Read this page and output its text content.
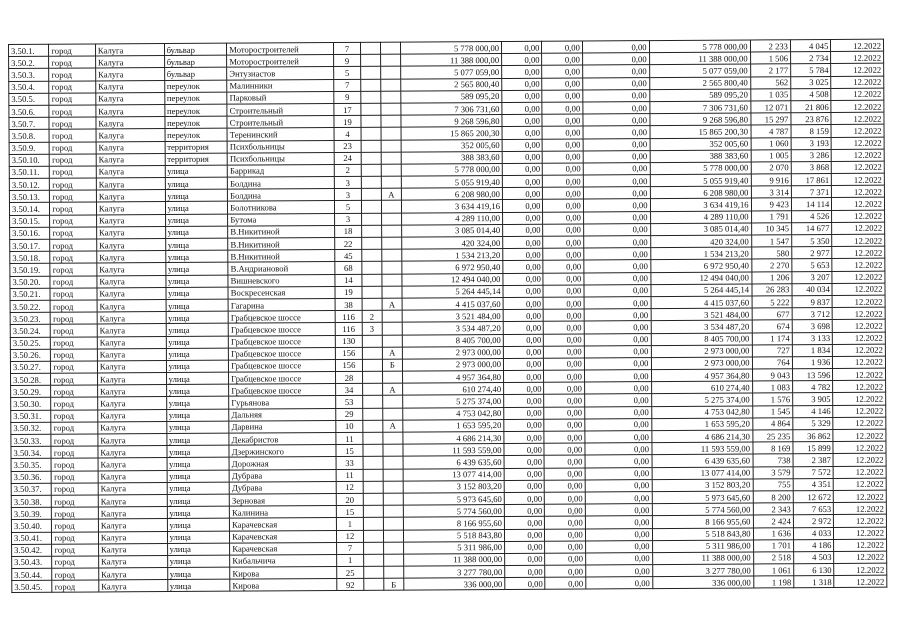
3.50.1.	город	Калуга	бульвар	Моторостроителей	7			5 778 000,00	0,00	0,00	0,00	5 778 000,00	2 233	4 045	12.2022
3.50.2.	город	Калуга	бульвар	Моторостроителей	9			11 388 000,00	0,00	0,00	0,00	11 388 000,00	1 506	2 734	12.2022
3.50.3.	город	Калуга	бульвар	Энтузиастов	5			5 077 059,00	0,00	0,00	0,00	5 077 059,00	2 177	5 784	12.2022
3.50.4.	город	Калуга	переулок	Малинники	7			2 565 800,40	0,00	0,00	0,00	2 565 800,40	562	3 025	12.2022
3.50.5.	город	Калуга	переулок	Парковый	9			589 095,20	0,00	0,00	0,00	589 095,20	1 035	4 508	12.2022
3.50.6.	город	Калуга	переулок	Строительный	17			7 306 731,60	0,00	0,00	0,00	7 306 731,60	12 071	21 806	12.2022
3.50.7.	город	Калуга	переулок	Строительный	19			9 268 596,80	0,00	0,00	0,00	9 268 596,80	15 297	23 876	12.2022
3.50.8.	город	Калуга	переулок	Теренинский	4			15 865 200,30	0,00	0,00	0,00	15 865 200,30	4 787	8 159	12.2022
3.50.9.	город	Калуга	территория	Психбольницы	23			352 005,60	0,00	0,00	0,00	352 005,60	1 060	3 193	12.2022
3.50.10.	город	Калуга	территория	Психбольницы	24			388 383,60	0,00	0,00	0,00	388 383,60	1 005	3 286	12.2022
3.50.11.	город	Калуга	улица	Баррикад	2			5 778 000,00	0,00	0,00	0,00	5 778 000,00	2 070	3 868	12.2022
3.50.12.	город	Калуга	улица	Болдина	3			5 055 919,40	0,00	0,00	0,00	5 055 919,40	9 916	17 861	12.2022
3.50.13.	город	Калуга	улица	Болдина	3		А	6 208 980,00	0,00	0,00	0,00	6 208 980,00	3 314	7 371	12.2022
3.50.14.	город	Калуга	улица	Болотникова	5			3 634 419,16	0,00	0,00	0,00	3 634 419,16	9 423	14 114	12.2022
3.50.15.	город	Калуга	улица	Бутома	3			4 289 110,00	0,00	0,00	0,00	4 289 110,00	1 791	4 526	12.2022
3.50.16.	город	Калуга	улица	В.Никитиной	18			3 085 014,40	0,00	0,00	0,00	3 085 014,40	10 345	14 677	12.2022
3.50.17.	город	Калуга	улица	В.Никитиной	22			420 324,00	0,00	0,00	0,00	420 324,00	1 547	5 350	12.2022
3.50.18.	город	Калуга	улица	В.Никитиной	45			1 534 213,20	0,00	0,00	0,00	1 534 213,20	580	2 977	12.2022
3.50.19.	город	Калуга	улица	В.Андриановой	68			6 972 950,40	0,00	0,00	0,00	6 972 950,40	2 270	5 653	12.2022
3.50.20.	город	Калуга	улица	Вишневского	14			12 494 040,00	0,00	0,00	0,00	12 494 040,00	1 206	3 207	12.2022
3.50.21.	город	Калуга	улица	Воскресенская	19			5 264 445,14	0,00	0,00	0,00	5 264 445,14	26 283	40 034	12.2022
3.50.22.	город	Калуга	улица	Гагарина	38		А	4 415 037,60	0,00	0,00	0,00	4 415 037,60	5 222	9 837	12.2022
3.50.23.	город	Калуга	улица	Грабцевское шоссе	116	2		3 521 484,00	0,00	0,00	0,00	3 521 484,00	677	3 712	12.2022
3.50.24.	город	Калуга	улица	Грабцевское шоссе	116	3		3 534 487,20	0,00	0,00	0,00	3 534 487,20	674	3 698	12.2022
3.50.25.	город	Калуга	улица	Грабцевское шоссе	130			8 405 700,00	0,00	0,00	0,00	8 405 700,00	1 174	3 133	12.2022
3.50.26.	город	Калуга	улица	Грабцевское шоссе	156		А	2 973 000,00	0,00	0,00	0,00	2 973 000,00	727	1 834	12.2022
3.50.27.	город	Калуга	улица	Грабцевское шоссе	156		Б	2 973 000,00	0,00	0,00	0,00	2 973 000,00	764	1 936	12.2022
3.50.28.	город	Калуга	улица	Грабцевское шоссе	28			4 957 364,80	0,00	0,00	0,00	4 957 364,80	9 043	13 596	12.2022
3.50.29.	город	Калуга	улица	Грабцевское шоссе	34		А	610 274,40	0,00	0,00	0,00	610 274,40	1 083	4 782	12.2022
3.50.30.	город	Калуга	улица	Гурьянова	53			5 275 374,00	0,00	0,00	0,00	5 275 374,00	1 576	3 905	12.2022
3.50.31.	город	Калуга	улица	Дальняя	29			4 753 042,80	0,00	0,00	0,00	4 753 042,80	1 545	4 146	12.2022
3.50.32.	город	Калуга	улица	Дарвина	10		А	1 653 595,20	0,00	0,00	0,00	1 653 595,20	4 864	5 329	12.2022
3.50.33.	город	Калуга	улица	Декабристов	11			4 686 214,30	0,00	0,00	0,00	4 686 214,30	25 235	36 862	12.2022
3.50.34.	город	Калуга	улица	Дзержинского	15			11 593 559,00	0,00	0,00	0,00	11 593 559,00	8 169	15 899	12.2022
3.50.35.	город	Калуга	улица	Дорожная	33			6 439 635,60	0,00	0,00	0,00	6 439 635,60	738	2 387	12.2022
3.50.36.	город	Калуга	улица	Дубрава	11			13 077 414,00	0,00	0,00	0,00	13 077 414,00	3 579	7 572	12.2022
3.50.37.	город	Калуга	улица	Дубрава	12			3 152 803,20	0,00	0,00	0,00	3 152 803,20	755	4 351	12.2022
3.50.38.	город	Калуга	улица	Зерновая	20			5 973 645,60	0,00	0,00	0,00	5 973 645,60	8 200	12 672	12.2022
3.50.39.	город	Калуга	улица	Калинина	15			5 774 560,00	0,00	0,00	0,00	5 774 560,00	2 343	7 653	12.2022
3.50.40.	город	Калуга	улица	Карачевская	1			8 166 955,60	0,00	0,00	0,00	8 166 955,60	2 424	2 972	12.2022
3.50.41.	город	Калуга	улица	Карачевская	12			5 518 843,80	0,00	0,00	0,00	5 518 843,80	1 636	4 033	12.2022
3.50.42.	город	Калуга	улица	Карачевская	7			5 311 986,00	0,00	0,00	0,00	5 311 986,00	1 701	4 186	12.2022
3.50.43.	город	Калуга	улица	Кибальчича	1			11 388 000,00	0,00	0,00	0,00	11 388 000,00	2 518	4 503	12.2022
3.50.44.	город	Калуга	улица	Кирова	25			3 277 780,00	0,00	0,00	0,00	3 277 780,00	1 061	6 130	12.2022
3.50.45.	город	Калуга	улица	Кирова	92		Б	336 000,00	0,00	0,00	0,00	336 000,00	1 198	1 318	12.2022
